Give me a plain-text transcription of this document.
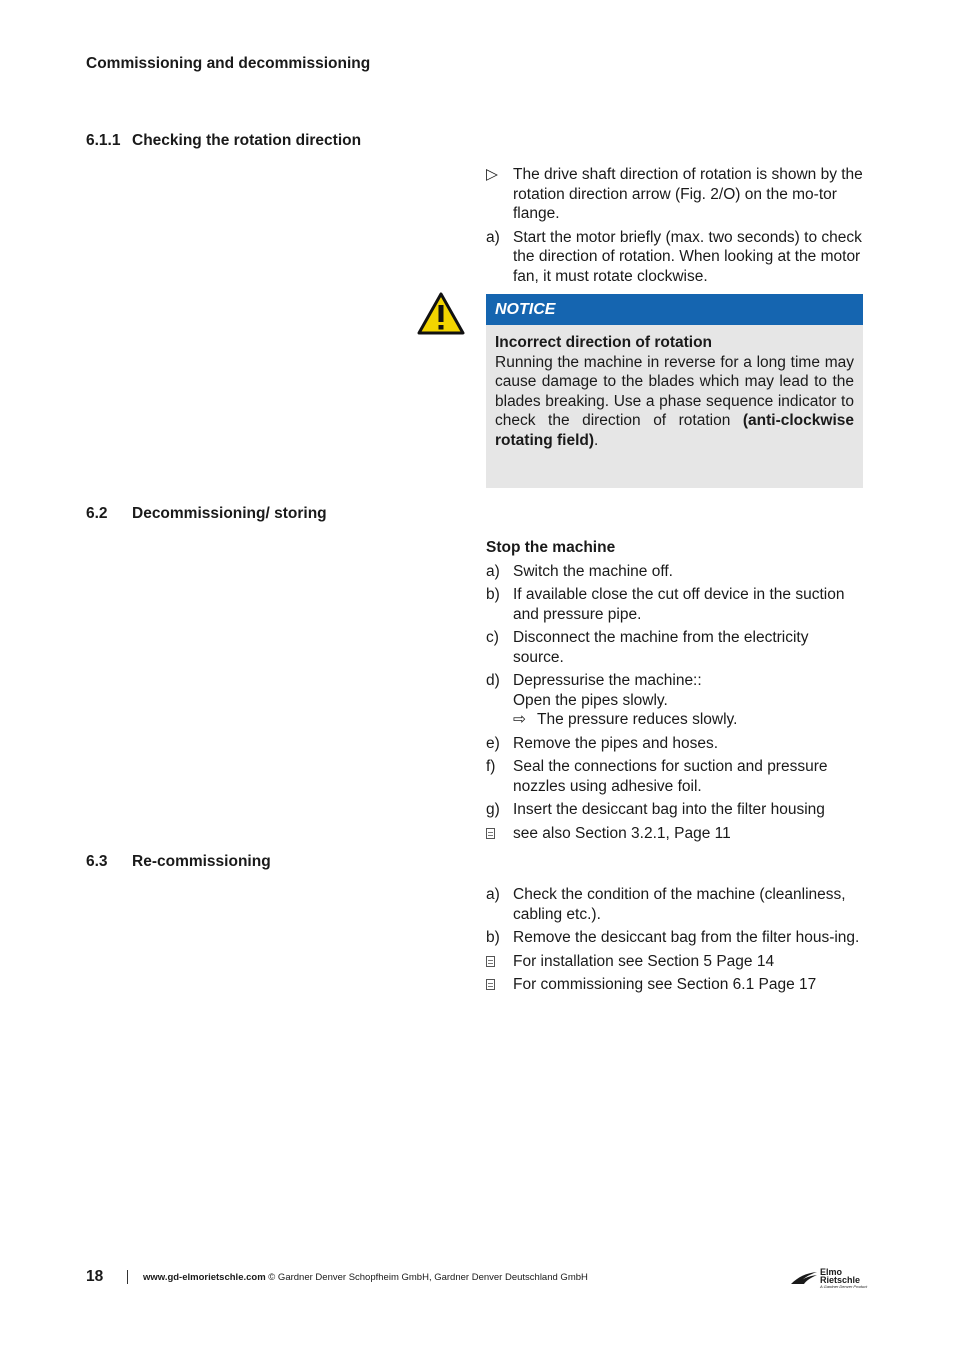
Commissioning and decommissioning
6.1.1 Checking the rotation direction
▷ The drive shaft direction of rotation is shown by the rotation direction arrow (Fig. 2/O) on the mo-tor flange.
a) Start the motor briefly (max. two seconds) to check the direction of rotation. When looking at the motor fan, it must rotate clockwise.
NOTICE
Incorrect direction of rotation
Running the machine in reverse for a long time may cause damage to the blades which may lead to the blades breaking. Use a phase sequence indicator to check the direction of rotation (anti-clockwise rotating field).
6.2 Decommissioning/ storing
Stop the machine
a) Switch the machine off.
b) If available close the cut off device in the suction and pressure pipe.
c) Disconnect the machine from the electricity source.
d) Depressurise the machine::
Open the pipes slowly.
⇨ The pressure reduces slowly.
e) Remove the pipes and hoses.
f)	Seal the connections for suction and pressure nozzles using adhesive foil.
g) Insert the desiccant bag into the filter housing
see also Section 3.2.1, Page 11
6.3 Re-commissioning
a) Check the condition of the machine (cleanliness, cabling etc.).
b) Remove the desiccant bag from the filter hous-ing.
For installation see Section 5 Page 14
For commissioning see Section 6.1 Page 17
18	www.gd-elmorietschle.com © Gardner Denver Schopfheim GmbH, Gardner Denver Deutschland GmbH	Elmo
Rietschle
A Gardner Denver Product
